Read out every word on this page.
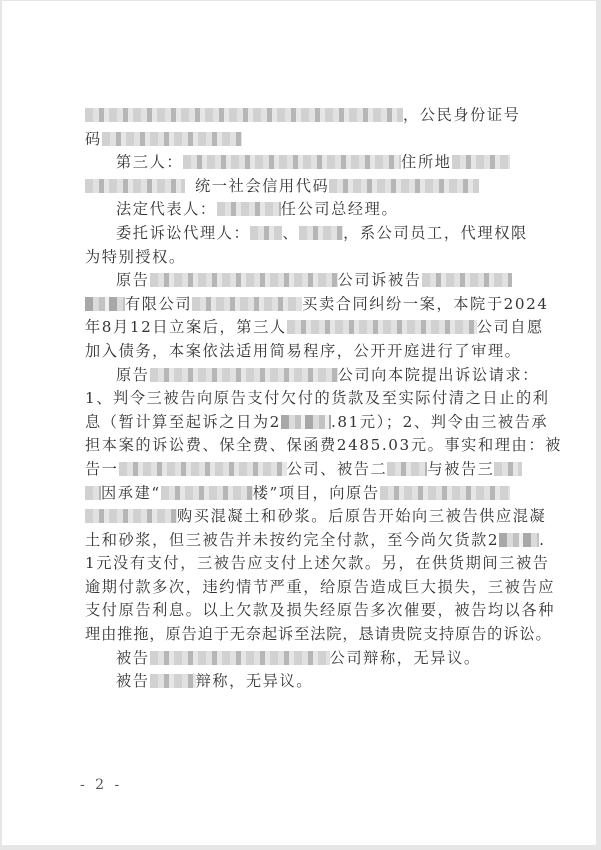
，公民身份证号
码
第三人：	住所地
统一社会信用代码
法定代表人：	任公司总经理。
委托诉讼代理人： 、	，系公司员工，代理权限
为特别授权。
原告	公司诉被告
有限公司	买卖合同纠纷一案，本院于2024
年8月12日立案后，第三人	公司自愿
加入债务，本案依法适用简易程序，公开开庭进行了审理。
原告	公司向本院提出诉讼请求：
1、判令三被告向原告支付欠付的货款及至实际付清之日止的利
息（暂计算至起诉之日为2	.81元）；2、判令由三被告承
担本案的诉讼费、保全费、保函费2485.03元。事实和理由：被
告一	公司、被告二	与被告三
因承建“	楼”项目，向原告
购买混凝土和砂浆。后原告开始向三被告供应混凝
土和砂浆，但三被告并未按约完全付款，至今尚欠货款2	.
1元没有支付，三被告应支付上述欠款。另，在供货期间三被告
逾期付款多次，违约情节严重，给原告造成巨大损失，三被告应
支付原告利息。以上欠款及损失经原告多次催要，被告均以各种
理由推拖，原告迫于无奈起诉至法院，恳请贵院支持原告的诉讼。
被告	公司辩称，无异议。
被告	辩称，无异议。
- 2 -
